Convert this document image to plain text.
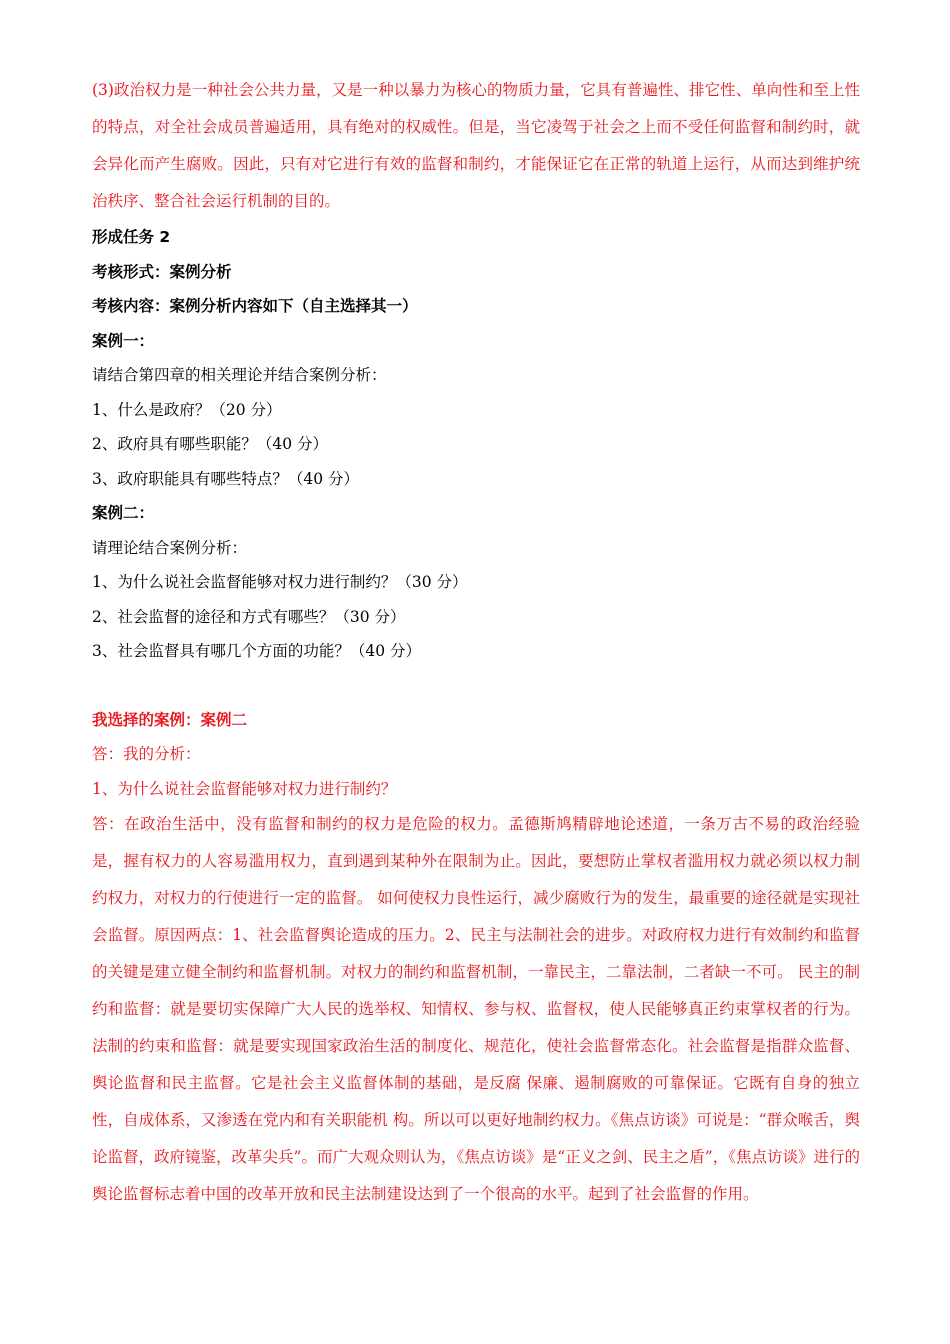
(3)政治权力是一种社会公共力量，又是一种以暴力为核心的物质力量，它具有普遍性、排它性、单向性和至上性的特点，对全社会成员普遍适用，具有绝对的权威性。但是，当它凌驾于社会之上而不受任何监督和制约时，就会异化而产生腐败。因此，只有对它进行有效的监督和制约，才能保证它在正常的轨道上运行，从而达到维护统治秩序、整合社会运行机制的目的。

形成任务 2

考核形式：案例分析

考核内容：案例分析内容如下（自主选择其一）

案例一：

请结合第四章的相关理论并结合案例分析：

1、什么是政府？（20 分）

2、政府具有哪些职能？（40 分）

3、政府职能具有哪些特点？（40 分）

案例二：

请理论结合案例分析：

1、为什么说社会监督能够对权力进行制约？（30 分）

2、社会监督的途径和方式有哪些？（30 分）

3、社会监督具有哪几个方面的功能？（40 分）

我选择的案例：案例二

答：我的分析：

1、为什么说社会监督能够对权力进行制约？

答：在政治生活中，没有监督和制约的权力是危险的权力。孟德斯鸠精辟地论述道，一条万古不易的政治经验是，握有权力的人容易滥用权力，直到遇到某种外在限制为止。因此，要想防止掌权者滥用权力就必须以权力制约权力，对权力的行使进行一定的监督。 如何使权力良性运行，减少腐败行为的发生，最重要的途径就是实现社会监督。原因两点：1、社会监督舆论造成的压力。2、民主与法制社会的进步。对政府权力进行有效制约和监督的关键是建立健全制约和监督机制。对权力的制约和监督机制，一靠民主，二靠法制，二者缺一不可。 民主的制约和监督：就是要切实保障广大人民的选举权、知情权、参与权、监督权，使人民能够真正约束掌权者的行为。 法制的约束和监督：就是要实现国家政治生活的制度化、规范化，使社会监督常态化。社会监督是指群众监督、舆论监督和民主监督。它是社会主义监督体制的基础，是反腐 保廉、遏制腐败的可靠保证。它既有自身的独立性，自成体系，又渗透在党内和有关职能机 构。所以可以更好地制约权力。《焦点访谈》可说是：“群众喉舌，舆论监督，政府镜鉴，改革尖兵”。而广大观众则认为，《焦点访谈》是“正义之剑、民主之盾”，《焦点访谈》进行的舆论监督标志着中国的改革开放和民主法制建设达到了一个很高的水平。起到了社会监督的作用。
